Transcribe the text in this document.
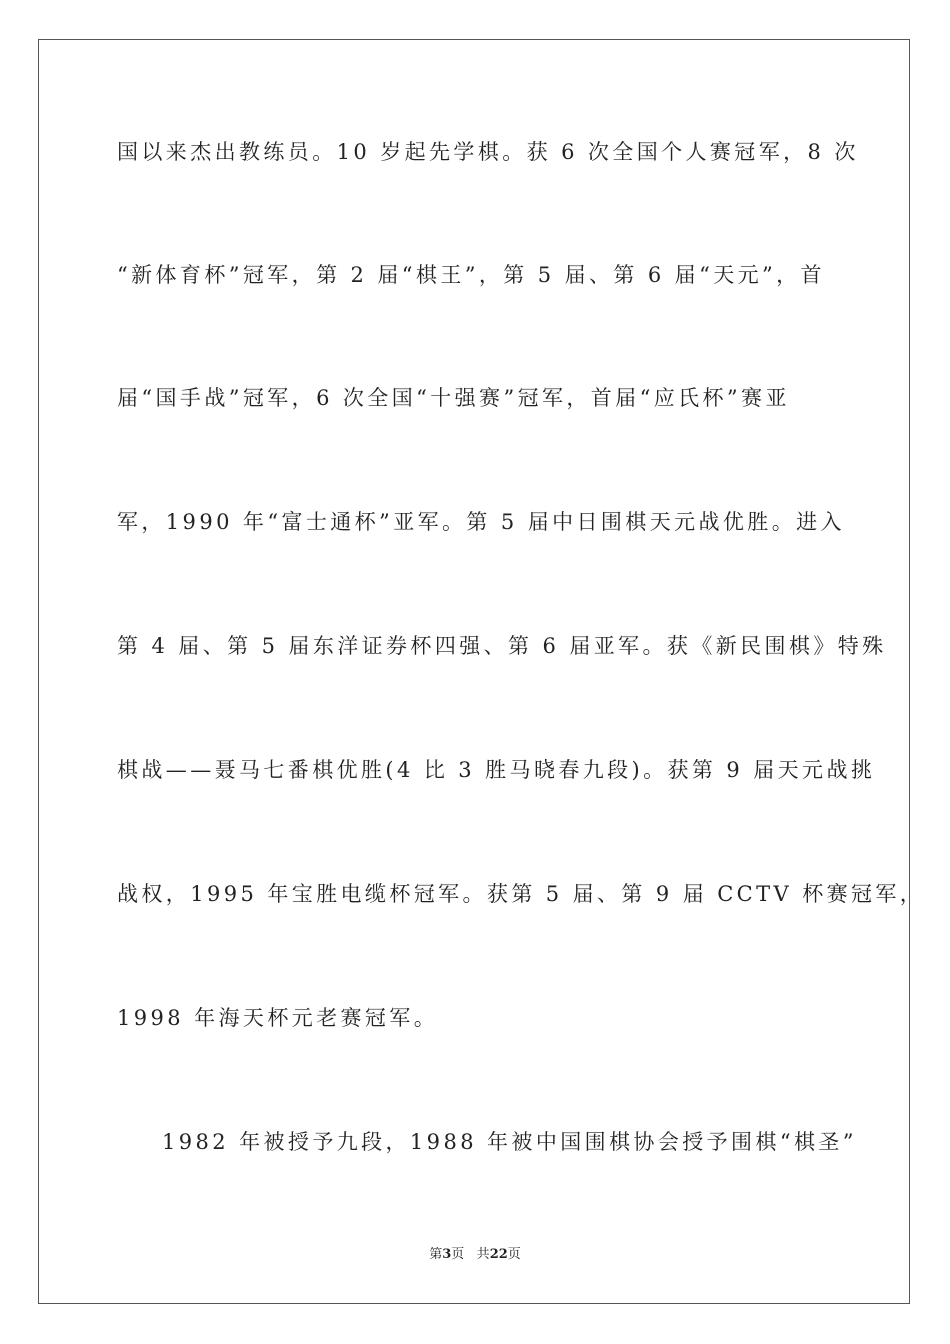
国以来杰出教练员。10 岁起先学棋。获 6 次全国个人赛冠军，8 次
“新体育杯”冠军，第 2 届“棋王”，第 5 届、第 6 届“天元”，首
届“国手战”冠军，6 次全国“十强赛”冠军，首届“应氏杯”赛亚
军，1990 年“富士通杯”亚军。第 5 届中日围棋天元战优胜。进入
第 4 届、第 5 届东洋证券杯四强、第 6 届亚军。获《新民围棋》特殊
棋战——聂马七番棋优胜(4 比 3 胜马晓春九段)。获第 9 届天元战挑
战权，1995 年宝胜电缆杯冠军。获第 5 届、第 9 届 CCTV 杯赛冠军，
1998 年海天杯元老赛冠军。
1982 年被授予九段，1988 年被中国围棋协会授予围棋“棋圣”
第3页 共22页
